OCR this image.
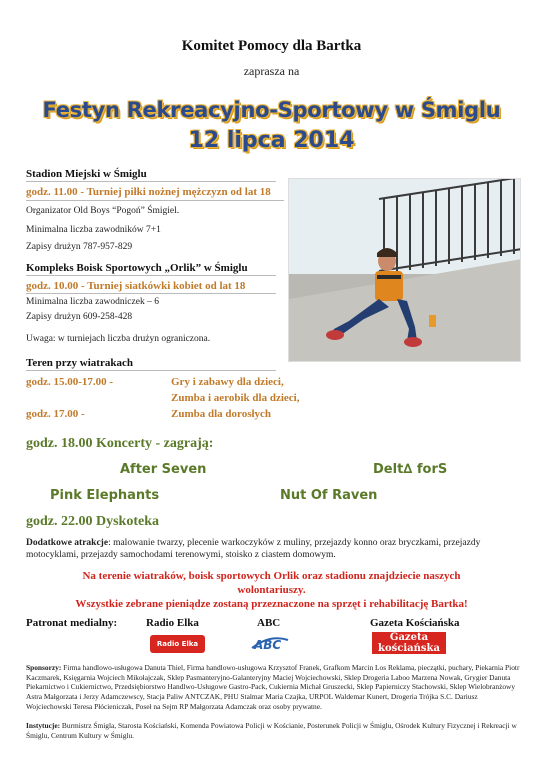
Komitet Pomocy dla Bartka
zaprasza na
Festyn Rekreacyjno-Sportowy w Śmiglu
12 lipca 2014
Stadion Miejski w Śmiglu
godz. 11.00 - Turniej piłki nożnej mężczyzn od lat 18
Organizator Old Boys “Pogoń” Śmigiel.
Minimalna liczba zawodników 7+1
Zapisy drużyn 787-957-829
Kompleks Boisk Sportowych „Orlik” w Śmiglu
godz. 10.00 - Turniej siatkówki kobiet od lat 18
Minimalna liczba zawodniczek – 6
Zapisy drużyn 609-258-428
Uwaga: w turniejach liczba drużyn ograniczona.
Teren przy wiatrakach
godz. 15.00-17.00 -	Gry i zabawy dla dzieci,
Zumba i aerobik dla dzieci,
godz. 17.00 -	Zumba dla dorosłych
godz. 18.00 Koncerty - zagrają:
After Seven	Delt∆ forS
Pink Elephants	Nut Of Raven
godz. 22.00 Dyskoteka
Dodatkowe atrakcje: malowanie twarzy, plecenie warkoczyków z muliny, przejazdy konno oraz bryczkami, przejazdy motocyklami, przejazdy samochodami terenowymi, stoisko z ciastem domowym.
Na terenie wiatraków, boisk sportowych Orlik oraz stadionu znajdziecie naszych
wolontariuszy.
Wszystkie zebrane pieniądze zostaną przeznaczone na sprzęt i rehabilitację Bartka!
Patronat medialny:	Radio Elka	ABC	Gazeta Kościańska
Radio Elka	ABC
Gazeta kościańska
Sponsorzy: Firma handlowo-usługowa Danuta Thiel, Firma handlowo-usługowa Krzysztof Franek, Grafkom Marcin Los Reklama, pieczątki, puchary, Piekarnia Piotr Kaczmarek, Księgarnia Wojciech Mikołajczak, Sklep Pasmanteryjno-Galanteryjny Maciej Wojciechowski, Sklep Drogeria Laboo Marzena Nowak, Grygier Danuta Piekarnictwo i Cukiernictwo, Przedsiębiorstwo Handlwo-Usługowe Gastro-Pack, Cukiernia Michał Gruszecki, Sklep Papierniczy Stachowski, Sklep Wielobranżowy Astra Małgorzata i Jerzy Adamczewscy, Stacja Paliw ANTCZAK, PHU Stalmar Maria Czajka, URPOL Waldemar Kunert, Drogeria Trójka S.C. Dariusz Wojciechowski Teresa Płócieniczak, Poseł na Sejm RP Małgorzata Adamczak oraz osoby prywatne.
Instytucje: Burmistrz Śmigla, Starosta Kościański, Komenda Powiatowa Policji w Kościanie, Posterunek Policji w Śmiglu, Ośrodek Kultury Fizycznej i Rekreacji w Śmiglu, Centrum Kultury w Śmiglu.
